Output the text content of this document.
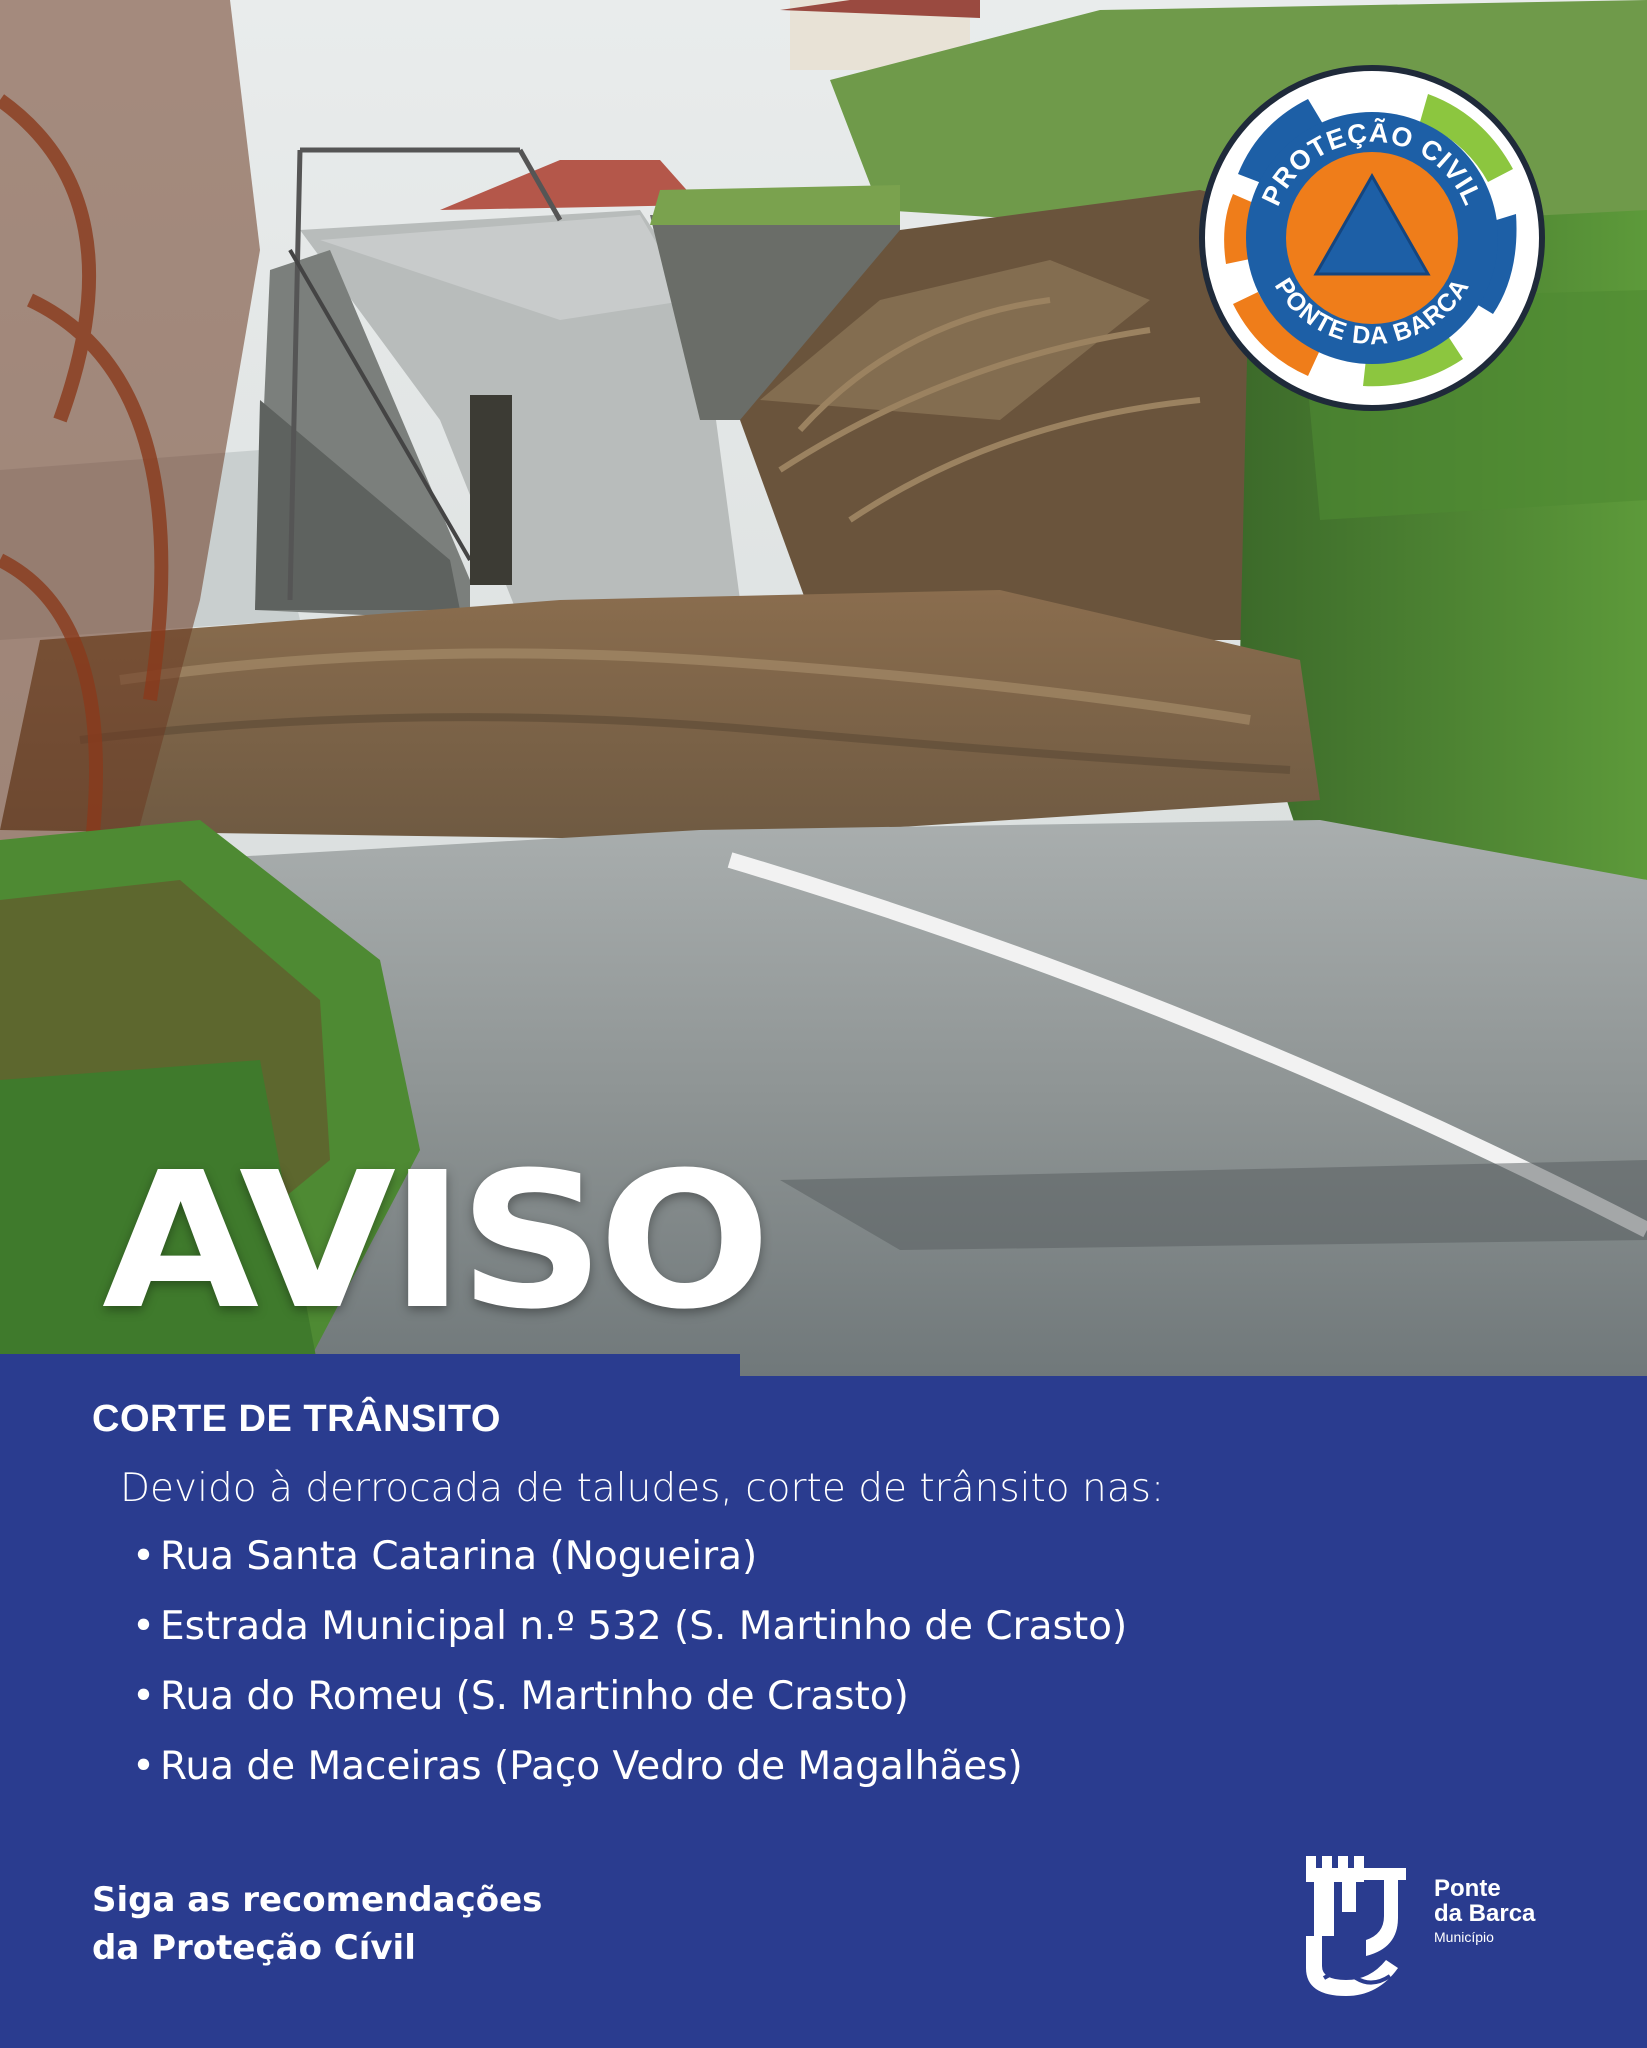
PROTEÇÃO CIVIL
PONTE DA BARCA
AVISO
CORTE DE TRÂNSITO
Devido à derrocada de taludes, corte de trânsito nas:
• Rua Santa Catarina (Nogueira)
• Estrada Municipal n.º 532 (S. Martinho de Crasto)
• Rua do Romeu (S. Martinho de Crasto)
• Rua de Maceiras (Paço Vedro de Magalhães)
Siga as recomendações
da Proteção Cívil
Ponte
da Barca
Município
